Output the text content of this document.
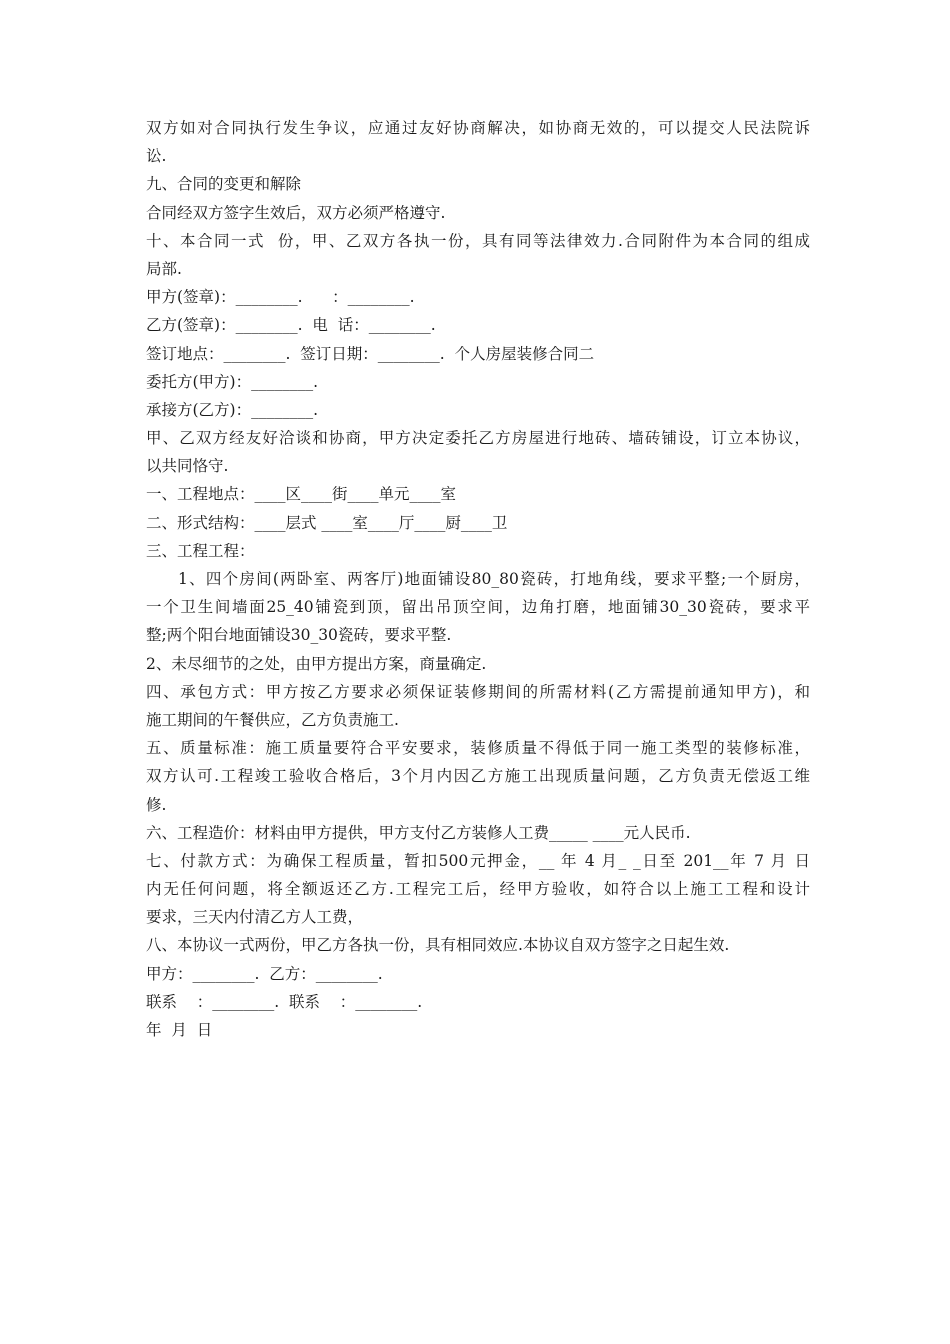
双方如对合同执行发生争议，应通过友好协商解决，如协商无效的，可以提交人民法院诉
讼.
九、合同的变更和解除
合同经双方签字生效后，双方必须严格遵守.
十、本合同一式  份，甲、乙双方各执一份，具有同等法律效力.合同附件为本合同的组成
局部.
甲方(签章)：________.      ：________.
乙方(签章)：________.  电  话：________.
签订地点：________.  签订日期：________.  个人房屋装修合同二
委托方(甲方)：________.
承接方(乙方)：________.
甲、乙双方经友好洽谈和协商，甲方决定委托乙方房屋进行地砖、墙砖铺设，订立本协议，
以共同恪守.
一、工程地点：____区____街____单元____室
二、形式结构：____层式 ____室____厅____厨____卫
三、工程工程：
1、四个房间(两卧室、两客厅)地面铺设80_80瓷砖，打地角线，要求平整;一个厨房，
一个卫生间墙面25_40铺瓷到顶，留出吊顶空间，边角打磨，地面铺30_30瓷砖，要求平
整;两个阳台地面铺设30_30瓷砖，要求平整.
2、未尽细节的之处，由甲方提出方案，商量确定.
四、承包方式：甲方按乙方要求必须保证装修期间的所需材料(乙方需提前通知甲方)，和
施工期间的午餐供应，乙方负责施工.
五、质量标准：施工质量要符合平安要求，装修质量不得低于同一施工类型的装修标准，
双方认可.工程竣工验收合格后，3个月内因乙方施工出现质量问题，乙方负责无偿返工维
修.
六、工程造价：材料由甲方提供，甲方支付乙方装修人工费_____ ____元人民币.
七、付款方式：为确保工程质量，暂扣500元押金，__ 年 4 月_ _日至 201__年 7 月 日
内无任何问题，将全额返还乙方.工程完工后，经甲方验收，如符合以上施工工程和设计
要求，三天内付清乙方人工费，
八、本协议一式两份，甲乙方各执一份，具有相同效应.本协议自双方签字之日起生效.
甲方：________.  乙方：________.
联系    ：________.  联系    ：________.
年  月  日
